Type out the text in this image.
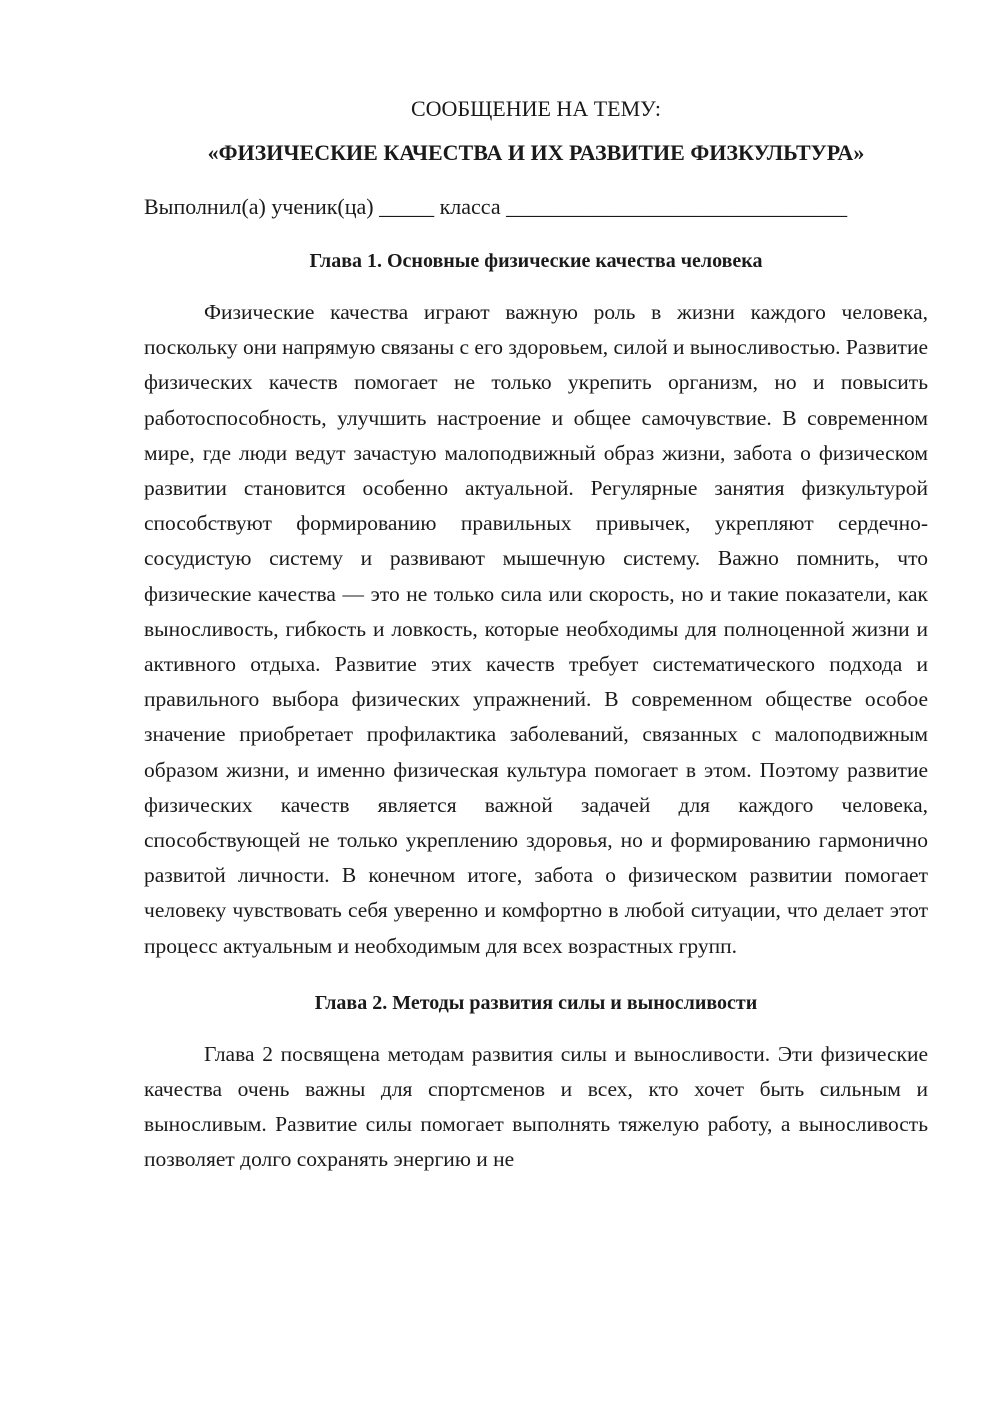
СООБЩЕНИЕ НА ТЕМУ:
«ФИЗИЧЕСКИЕ КАЧЕСТВА И ИХ РАЗВИТИЕ ФИЗКУЛЬТУРА»

Выполнил(а) ученик(ца) _____ класса _______________________________

Глава 1. Основные физические качества человека

Физические качества играют важную роль в жизни каждого человека, поскольку они напрямую связаны с его здоровьем, силой и выносливостью. Развитие физических качеств помогает не только укрепить организм, но и повысить работоспособность, улучшить настроение и общее самочувствие. В современном мире, где люди ведут зачастую малоподвижный образ жизни, забота о физическом развитии становится особенно актуальной. Регулярные занятия физкультурой способствуют формированию правильных привычек, укрепляют сердечно-сосудистую систему и развивают мышечную систему. Важно помнить, что физические качества — это не только сила или скорость, но и такие показатели, как выносливость, гибкость и ловкость, которые необходимы для полноценной жизни и активного отдыха. Развитие этих качеств требует систематического подхода и правильного выбора физических упражнений. В современном обществе особое значение приобретает профилактика заболеваний, связанных с малоподвижным образом жизни, и именно физическая культура помогает в этом. Поэтому развитие физических качеств является важной задачей для каждого человека, способствующей не только укреплению здоровья, но и формированию гармонично развитой личности. В конечном итоге, забота о физическом развитии помогает человеку чувствовать себя уверенно и комфортно в любой ситуации, что делает этот процесс актуальным и необходимым для всех возрастных групп.

Глава 2. Методы развития силы и выносливости

Глава 2 посвящена методам развития силы и выносливости. Эти физические качества очень важны для спортсменов и всех, кто хочет быть сильным и выносливым. Развитие силы помогает выполнять тяжелую работу, а выносливость позволяет долго сохранять энергию и не
